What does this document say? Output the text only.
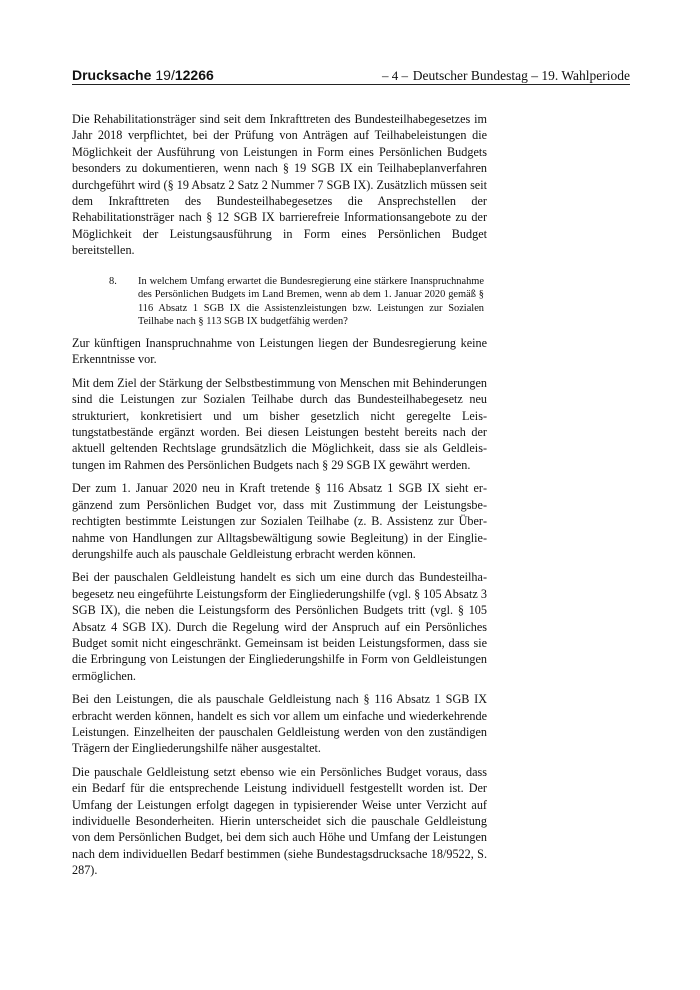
Drucksache 19/12266	– 4 – Deutscher Bundestag – 19. Wahlperiode

Die Rehabilitationsträger sind seit dem Inkrafttreten des Bundesteilhabegesetzes im Jahr 2018 verpflichtet, bei der Prüfung von Anträgen auf Teilhabeleistungen die Möglichkeit der Ausführung von Leistungen in Form eines Persönlichen Budgets besonders zu dokumentieren, wenn nach § 19 SGB IX ein Teilhabeplanverfahren durchgeführt wird (§ 19 Absatz 2 Satz 2 Nummer 7 SGB IX). Zusätzlich müssen seit dem Inkrafttreten des Bundesteilhabegesetzes die Ansprechstellen der Rehabilitationsträger nach § 12 SGB IX barrierefreie Informationsangebote zu der Möglichkeit der Leistungsausführung in Form eines Persönlichen Budget bereitstellen.

8.	In welchem Umfang erwartet die Bundesregierung eine stärkere Inanspruchnahme des Persönlichen Budgets im Land Bremen, wenn ab dem 1. Januar 2020 gemäß § 116 Absatz 1 SGB IX die Assistenzleistungen bzw. Leistungen zur Sozialen Teilhabe nach § 113 SGB IX budgetfähig werden?

Zur künftigen Inanspruchnahme von Leistungen liegen der Bundesregierung keine Erkenntnisse vor.

Mit dem Ziel der Stärkung der Selbstbestimmung von Menschen mit Behinderungen sind die Leistungen zur Sozialen Teilhabe durch das Bundesteilhabegesetz neu strukturiert, konkretisiert und um bisher gesetzlich nicht geregelte Leistungstatbestände ergänzt worden. Bei diesen Leistungen besteht bereits nach der aktuell geltenden Rechtslage grundsätzlich die Möglichkeit, dass sie als Geldleistungen im Rahmen des Persönlichen Budgets nach § 29 SGB IX gewährt werden.

Der zum 1. Januar 2020 neu in Kraft tretende § 116 Absatz 1 SGB IX sieht ergänzend zum Persönlichen Budget vor, dass mit Zustimmung der Leistungsberechtigten bestimmte Leistungen zur Sozialen Teilhabe (z. B. Assistenz zur Übernahme von Handlungen zur Alltagsbewältigung sowie Begleitung) in der Eingliederungshilfe auch als pauschale Geldleistung erbracht werden können.

Bei der pauschalen Geldleistung handelt es sich um eine durch das Bundesteilhabegesetz neu eingeführte Leistungsform der Eingliederungshilfe (vgl. § 105 Absatz 3 SGB IX), die neben die Leistungsform des Persönlichen Budgets tritt (vgl. § 105 Absatz 4 SGB IX). Durch die Regelung wird der Anspruch auf ein Persönliches Budget somit nicht eingeschränkt. Gemeinsam ist beiden Leistungsformen, dass sie die Erbringung von Leistungen der Eingliederungshilfe in Form von Geldleistungen ermöglichen.

Bei den Leistungen, die als pauschale Geldleistung nach § 116 Absatz 1 SGB IX erbracht werden können, handelt es sich vor allem um einfache und wiederkehrende Leistungen. Einzelheiten der pauschalen Geldleistung werden von den zuständigen Trägern der Eingliederungshilfe näher ausgestaltet.

Die pauschale Geldleistung setzt ebenso wie ein Persönliches Budget voraus, dass ein Bedarf für die entsprechende Leistung individuell festgestellt worden ist. Der Umfang der Leistungen erfolgt dagegen in typisierender Weise unter Verzicht auf individuelle Besonderheiten. Hierin unterscheidet sich die pauschale Geldleistung von dem Persönlichen Budget, bei dem sich auch Höhe und Umfang der Leistungen nach dem individuellen Bedarf bestimmen (siehe Bundestagsdrucksache 18/9522, S. 287).
